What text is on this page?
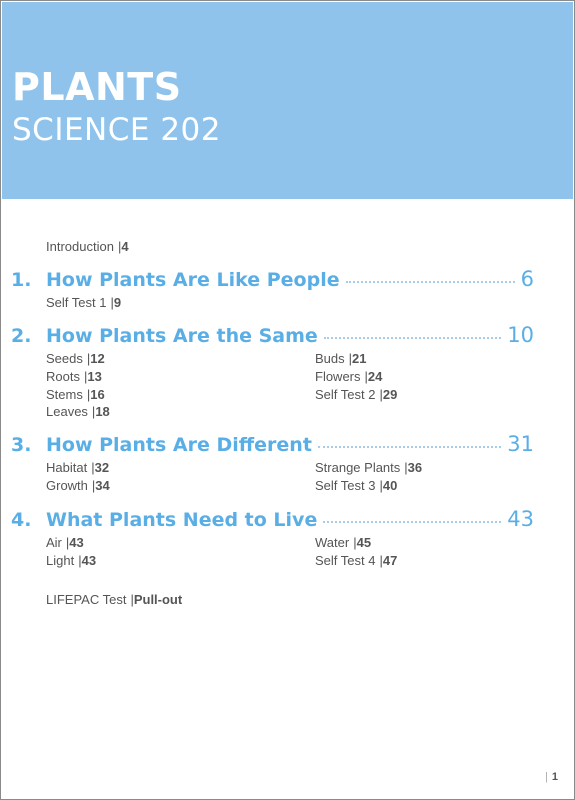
PLANTS
SCIENCE 202
Introduction |4
1. How Plants Are Like People	6
Self Test 1 |9
2. How Plants Are the Same	10
Seeds |12
Roots |13
Stems |16
Leaves |18
Buds |21
Flowers |24
Self Test 2 |29
3. How Plants Are Different	31
Habitat |32
Growth |34
Strange Plants |36
Self Test 3 |40
4. What Plants Need to Live	43
Air |43
Light |43
Water |45
Self Test 4 |47
LIFEPAC Test |Pull-out
| 1
